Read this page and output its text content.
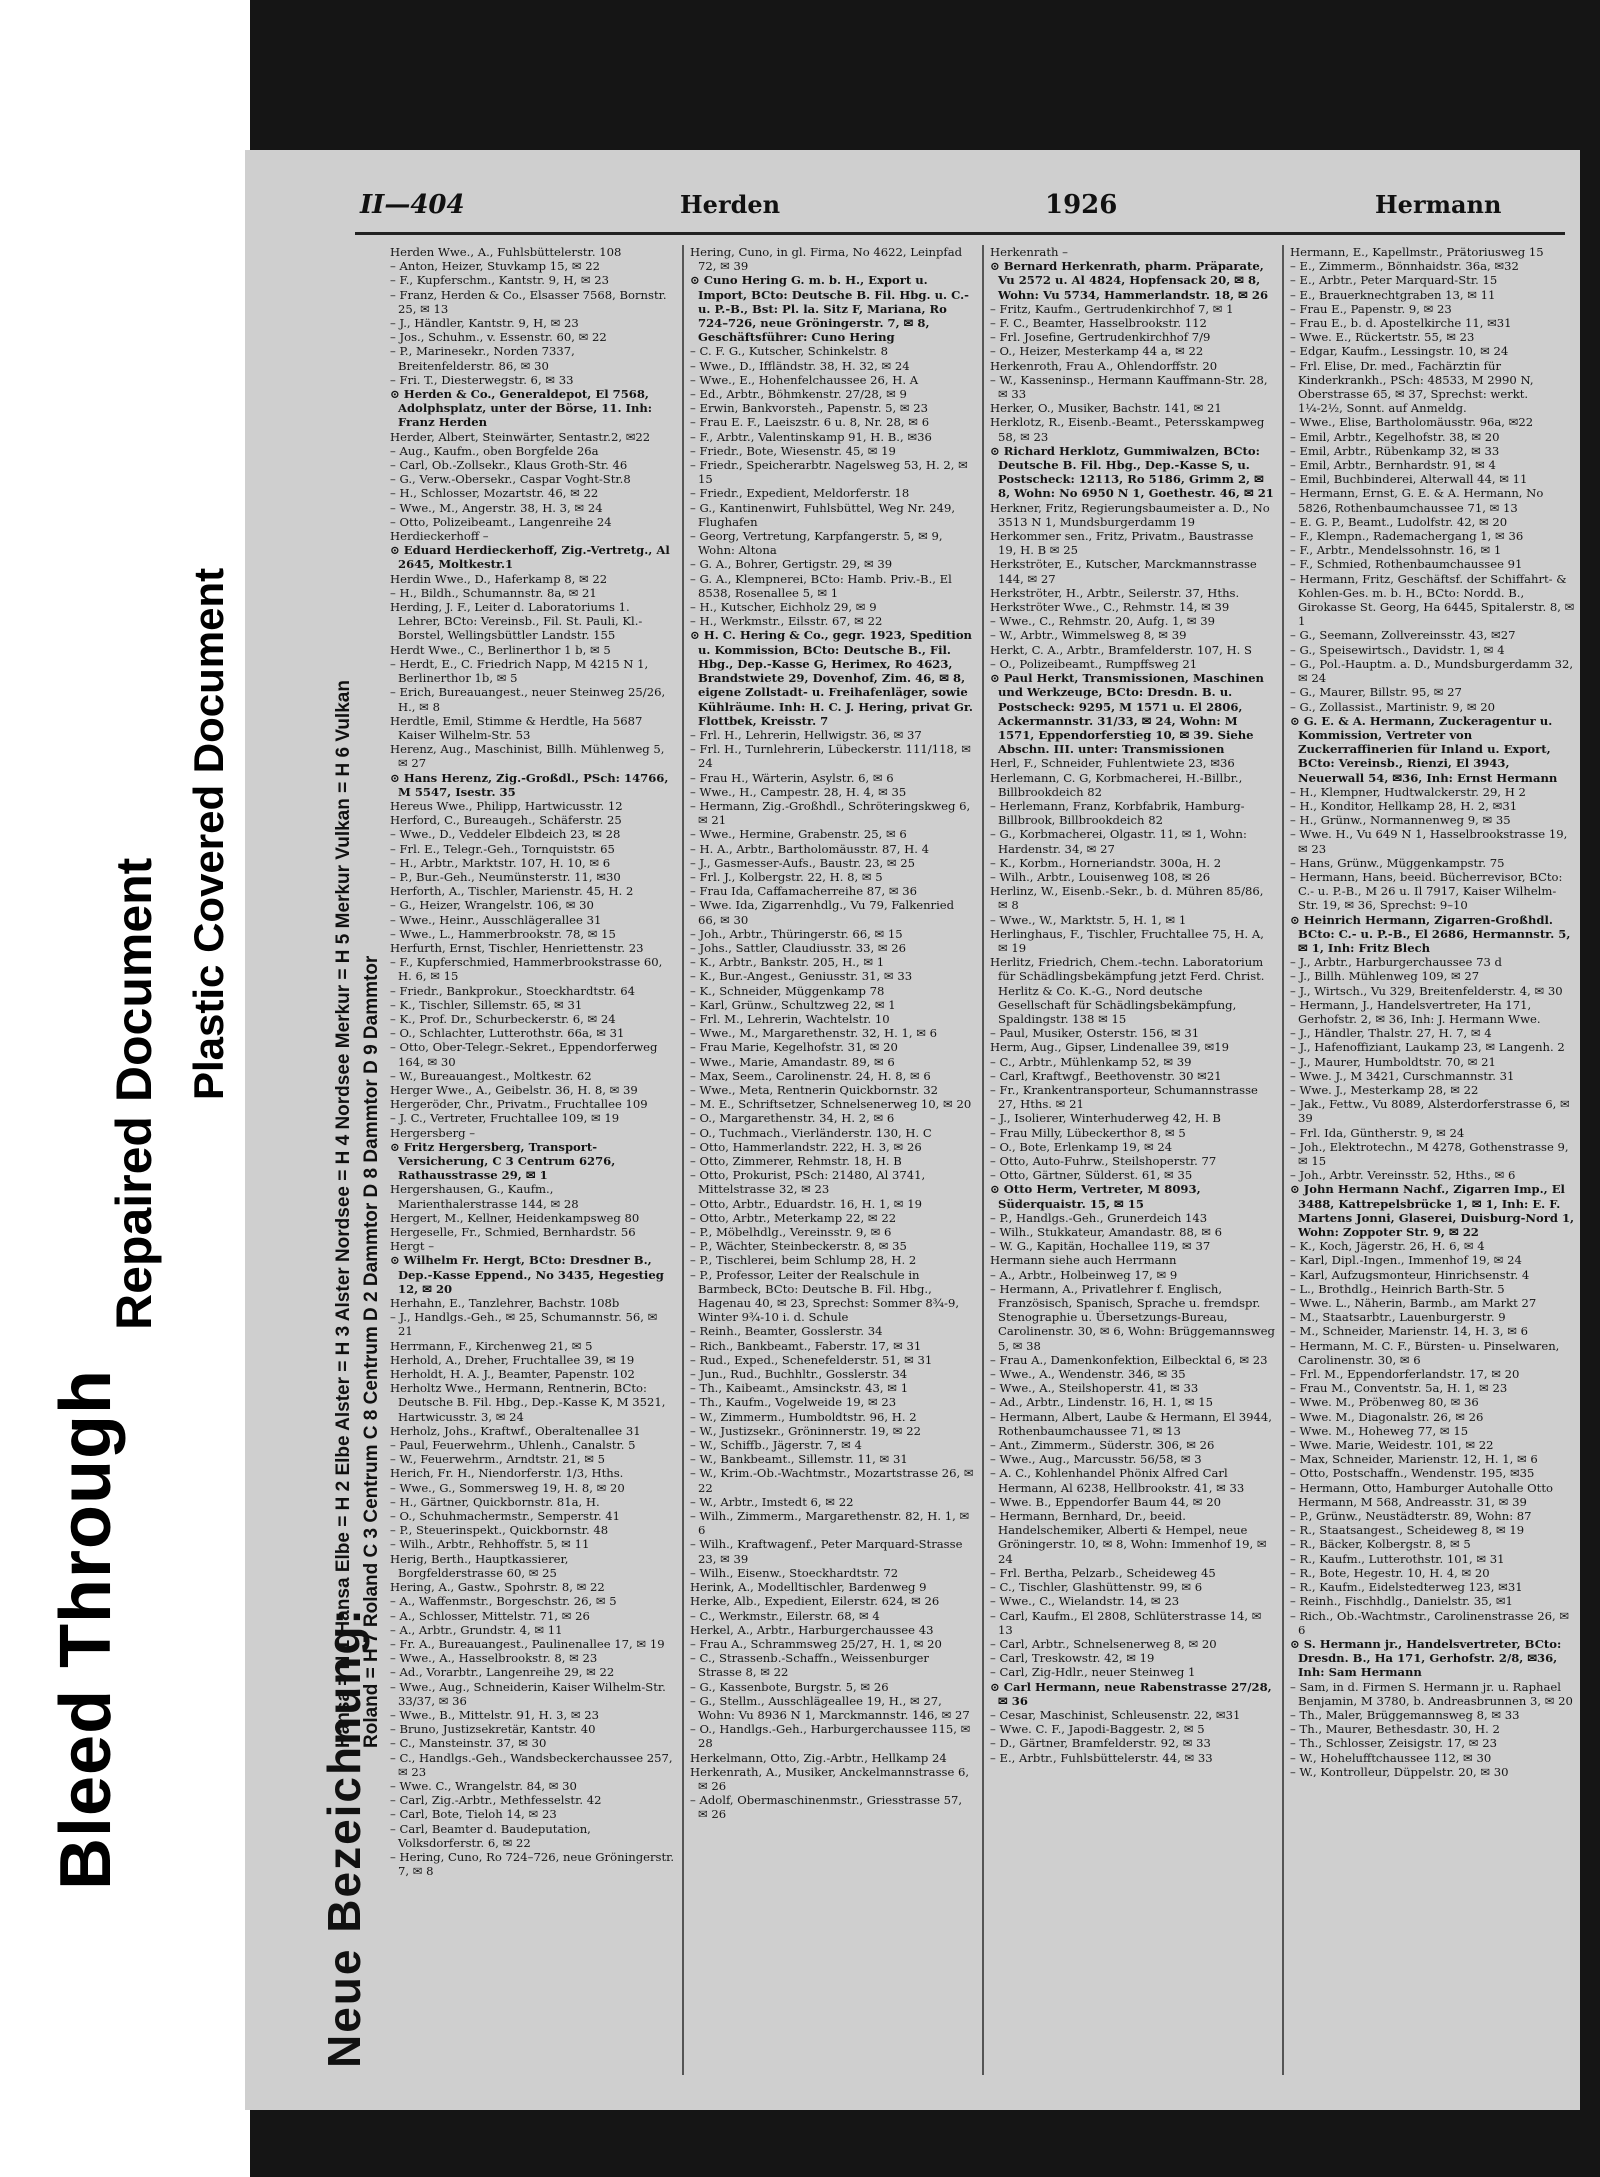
Bleed Through
Repaired Document Plastic Covered Document
II—404	Herden	1926	Hermann

Herden Wwe., A., Fuhlsbüttelerstr. 108

– Anton, Heizer, Stuvkamp 15, ✉ 22

– F., Kupferschm., Kantstr. 9, H, ✉ 23

– Franz, Herden & Co., Elsasser 7568, Bornstr. 25, ✉ 13

– J., Händler, Kantstr. 9, H, ✉ 23

– Jos., Schuhm., v. Essenstr. 60, ✉ 22

– P., Marinesekr., Norden 7337, Breitenfelderstr. 86, ✉ 30

– Fri. T., Diesterwegstr. 6, ✉ 33

⊙ Herden & Co., Generaldepot, El 7568, Adolphsplatz, unter der Börse, 11. Inh: Franz Herden

Herder, Albert, Steinwärter, Sentastr.2, ✉22

– Aug., Kaufm., oben Borgfelde 26a

– Carl, Ob.-Zollsekr., Klaus Groth-Str. 46

– G., Verw.-Obersekr., Caspar Voght-Str.8

– H., Schlosser, Mozartstr. 46, ✉ 22

– Wwe., M., Angerstr. 38, H. 3, ✉ 24

– Otto, Polizeibeamt., Langenreihe 24

Herdieckerhoff –

⊙ Eduard Herdieckerhoff, Zig.-Vertretg., Al 2645, Moltkestr.1

Herdin Wwe., D., Haferkamp 8, ✉ 22

– H., Bildh., Schumannstr. 8a, ✉ 21

Herding, J. F., Leiter d. Laboratoriums 1. Lehrer, BCto: Vereinsb., Fil. St. Pauli, Kl.-Borstel, Wellingsbüttler Landstr. 155

Herdt Wwe., C., Berlinerthor 1 b, ✉ 5

– Herdt, E., C. Friedrich Napp, M 4215 N 1, Berlinerthor 1b, ✉ 5

– Erich, Bureauangest., neuer Steinweg 25/26, H., ✉ 8

Herdtle, Emil, Stimme & Herdtle, Ha 5687 Kaiser Wilhelm-Str. 53

Herenz, Aug., Maschinist, Billh. Mühlenweg 5, ✉ 27

⊙ Hans Herenz, Zig.-Großdl., PSch: 14766, M 5547, Isestr. 35

Hereus Wwe., Philipp, Hartwicusstr. 12

Herford, C., Bureaugeh., Schäferstr. 25

– Wwe., D., Veddeler Elbdeich 23, ✉ 28

– Frl. E., Telegr.-Geh., Tornquiststr. 65

– H., Arbtr., Marktstr. 107, H. 10, ✉ 6

– P., Bur.-Geh., Neumünsterstr. 11, ✉30

Herforth, A., Tischler, Marienstr. 45, H. 2

– G., Heizer, Wrangelstr. 106, ✉ 30

– Wwe., Heinr., Ausschlägerallee 31

– Wwe., L., Hammerbrookstr. 78, ✉ 15

Herfurth, Ernst, Tischler, Henriettenstr. 23

– F., Kupferschmied, Hammerbrookstrasse 60, H. 6, ✉ 15

– Friedr., Bankprokur., Stoeckhardtstr. 64

– K., Tischler, Sillemstr. 65, ✉ 31

– K., Prof. Dr., Schurbeckerstr. 6, ✉ 24

– O., Schlachter, Lutterothstr. 66a, ✉ 31

– Otto, Ober-Telegr.-Sekret., Eppendorferweg 164, ✉ 30

– W., Bureauangest., Moltkestr. 62

Herger Wwe., A., Geibelstr. 36, H. 8, ✉ 39

Hergeröder, Chr., Privatm., Fruchtallee 109

– J. C., Vertreter, Fruchtallee 109, ✉ 19

Hergersberg –

⊙ Fritz Hergersberg, Transport-Versicherung, C 3 Centrum 6276, Rathausstrasse 29, ✉ 1

Hergershausen, G., Kaufm., Marienthalerstrasse 144, ✉ 28

Hergert, M., Kellner, Heidenkampsweg 80

Hergeselle, Fr., Schmied, Bernhardstr. 56

Hergt –

⊙ Wilhelm Fr. Hergt, BCto: Dresdner B., Dep.-Kasse Eppend., No 3435, Hegestieg 12, ✉ 20

Herhahn, E., Tanzlehrer, Bachstr. 108b

– J., Handlgs.-Geh., ✉ 25, Schumannstr. 56, ✉ 21

Herrmann, F., Kirchenweg 21, ✉ 5

Herhold, A., Dreher, Fruchtallee 39, ✉ 19

Herholdt, H. A. J., Beamter, Papenstr. 102

Herholtz Wwe., Hermann, Rentnerin, BCto: Deutsche B. Fil. Hbg., Dep.-Kasse K, M 3521, Hartwicusstr. 3, ✉ 24

Herholz, Johs., Kraftwf., Oberaltenallee 31

– Paul, Feuerwehrm., Uhlenh., Canalstr. 5

– W., Feuerwehrm., Arndtstr. 21, ✉ 5

Herich, Fr. H., Niendorferstr. 1/3, Hths.

– Wwe., G., Sommersweg 19, H. 8, ✉ 20

– H., Gärtner, Quickbornstr. 81a, H.

– O., Schuhmachermstr., Semperstr. 41

– P., Steuerinspekt., Quickbornstr. 48

– Wilh., Arbtr., Rehhoffstr. 5, ✉ 11

Herig, Berth., Hauptkassierer, Borgfelderstrasse 60, ✉ 25

Hering, A., Gastw., Spohrstr. 8, ✉ 22

– A., Waffenmstr., Borgeschstr. 26, ✉ 5

– A., Schlosser, Mittelstr. 71, ✉ 26

– A., Arbtr., Grundstr. 4, ✉ 11

– Fr. A., Bureauangest., Paulinenallee 17, ✉ 19

– Wwe., A., Hasselbrookstr. 8, ✉ 23

– Ad., Vorarbtr., Langenreihe 29, ✉ 22

– Wwe., Aug., Schneiderin, Kaiser Wilhelm-Str. 33/37, ✉ 36

– Wwe., B., Mittelstr. 91, H. 3, ✉ 23

– Bruno, Justizsekretär, Kantstr. 40

– C., Mansteinstr. 37, ✉ 30

– C., Handlgs.-Geh., Wandsbeckerchaussee 257, ✉ 23

– Wwe. C., Wrangelstr. 84, ✉ 30

– Carl, Zig.-Arbtr., Methfesselstr. 42

– Carl, Bote, Tieloh 14, ✉ 23

– Carl, Beamter d. Baudeputation, Volksdorferstr. 6, ✉ 22

– Hering, Cuno, Ro 724–726, neue Gröningerstr. 7, ✉ 8

Hering, Cuno, in gl. Firma, No 4622, Leinpfad 72, ✉ 39

⊙ Cuno Hering G. m. b. H., Export u. Import, BCto: Deutsche B. Fil. Hbg. u. C.- u. P.-B., Bst: Pl. la. Sitz F, Mariana, Ro 724–726, neue Gröningerstr. 7, ✉ 8, Geschäftsführer: Cuno Hering

– C. F. G., Kutscher, Schinkelstr. 8

– Wwe., D., Iffländstr. 38, H. 32, ✉ 24

– Wwe., E., Hohenfelchaussee 26, H. A

– Ed., Arbtr., Böhmkenstr. 27/28, ✉ 9

– Erwin, Bankvorsteh., Papenstr. 5, ✉ 23

– Frau E. F., Laeiszstr. 6 u. 8, Nr. 28, ✉ 6

– F., Arbtr., Valentinskamp 91, H. B., ✉36

– Friedr., Bote, Wiesenstr. 45, ✉ 19

– Friedr., Speicherarbtr. Nagelsweg 53, H. 2, ✉ 15

– Friedr., Expedient, Meldorferstr. 18

– G., Kantinenwirt, Fuhlsbüttel, Weg Nr. 249, Flughafen

– Georg, Vertretung, Karpfangerstr. 5, ✉ 9, Wohn: Altona

– G. A., Bohrer, Gertigstr. 29, ✉ 39

– G. A., Klempnerei, BCto: Hamb. Priv.-B., El 8538, Rosenallee 5, ✉ 1

– H., Kutscher, Eichholz 29, ✉ 9

– H., Werkmstr., Eilsstr. 67, ✉ 22

⊙ H. C. Hering & Co., gegr. 1923, Spedition u. Kommission, BCto: Deutsche B., Fil. Hbg., Dep.-Kasse G, Herimex, Ro 4623, Brandstwiete 29, Dovenhof, Zim. 46, ✉ 8, eigene Zollstadt- u. Freihafenläger, sowie Kühlräume. Inh: H. C. J. Hering, privat Gr. Flottbek, Kreisstr. 7

– Frl. H., Lehrerin, Hellwigstr. 36, ✉ 37

– Frl. H., Turnlehrerin, Lübeckerstr. 111/118, ✉ 24

– Frau H., Wärterin, Asylstr. 6, ✉ 6

– Wwe., H., Campestr. 28, H. 4, ✉ 35

– Hermann, Zig.-Großhdl., Schröteringskweg 6, ✉ 21

– Wwe., Hermine, Grabenstr. 25, ✉ 6

– H. A., Arbtr., Bartholomäusstr. 87, H. 4

– J., Gasmesser-Aufs., Baustr. 23, ✉ 25

– Frl. J., Kolbergstr. 22, H. 8, ✉ 5

– Frau Ida, Caffamacherreihe 87, ✉ 36

– Wwe. Ida, Zigarrenhdlg., Vu 79, Falkenried 66, ✉ 30

– Joh., Arbtr., Thüringerstr. 66, ✉ 15

– Johs., Sattler, Claudiusstr. 33, ✉ 26

– K., Arbtr., Bankstr. 205, H., ✉ 1

– K., Bur.-Angest., Geniusstr. 31, ✉ 33

– K., Schneider, Müggenkamp 78

– Karl, Grünw., Schultzweg 22, ✉ 1

– Frl. M., Lehrerin, Wachtelstr. 10

– Wwe., M., Margarethenstr. 32, H. 1, ✉ 6

– Frau Marie, Kegelhofstr. 31, ✉ 20

– Wwe., Marie, Amandastr. 89, ✉ 6

– Max, Seem., Carolinenstr. 24, H. 8, ✉ 6

– Wwe., Meta, Rentnerin Quickbornstr. 32

– M. E., Schriftsetzer, Schnelsenerweg 10, ✉ 20

– O., Margarethenstr. 34, H. 2, ✉ 6

– O., Tuchmach., Vierländerstr. 130, H. C

– Otto, Hammerlandstr. 222, H. 3, ✉ 26

– Otto, Zimmerer, Rehmstr. 18, H. B

– Otto, Prokurist, PSch: 21480, Al 3741, Mittelstrasse 32, ✉ 23

– Otto, Arbtr., Eduardstr. 16, H. 1, ✉ 19

– Otto, Arbtr., Meterkamp 22, ✉ 22

– P., Möbelhdlg., Vereinsstr. 9, ✉ 6

– P., Wächter, Steinbeckerstr. 8, ✉ 35

– P., Tischlerei, beim Schlump 28, H. 2

– P., Professor, Leiter der Realschule in Barmbeck, BCto: Deutsche B. Fil. Hbg., Hagenau 40, ✉ 23, Sprechst: Sommer 8¾-9, Winter 9¾-10 i. d. Schule

– Reinh., Beamter, Gosslerstr. 34

– Rich., Bankbeamt., Faberstr. 17, ✉ 31

– Rud., Exped., Schenefelderstr. 51, ✉ 31

– Jun., Rud., Buchhltr., Gosslerstr. 34

– Th., Kaibeamt., Amsinckstr. 43, ✉ 1

– Th., Kaufm., Vogelweide 19, ✉ 23

– W., Zimmerm., Humboldtstr. 96, H. 2

– W., Justizsekr., Gröninnerstr. 19, ✉ 22

– W., Schiffb., Jägerstr. 7, ✉ 4

– W., Bankbeamt., Sillemstr. 11, ✉ 31

– W., Krim.-Ob.-Wachtmstr., Mozartstrasse 26, ✉ 22

– W., Arbtr., Imstedt 6, ✉ 22

– Wilh., Zimmerm., Margarethenstr. 82, H. 1, ✉ 6

– Wilh., Kraftwagenf., Peter Marquard-Strasse 23, ✉ 39

– Wilh., Eisenw., Stoeckhardtstr. 72

Herink, A., Modelltischler, Bardenweg 9

Herke, Alb., Expedient, Eilerstr. 624, ✉ 26

– C., Werkmstr., Eilerstr. 68, ✉ 4

Herkel, A., Arbtr., Harburgerchaussee 43

– Frau A., Schrammsweg 25/27, H. 1, ✉ 20

– C., Strassenb.-Schaffn., Weissenburger Strasse 8, ✉ 22

– G., Kassenbote, Burgstr. 5, ✉ 26

– G., Stellm., Ausschlägeallee 19, H., ✉ 27, Wohn: Vu 8936 N 1, Marckmannstr. 146, ✉ 27

– O., Handlgs.-Geh., Harburgerchaussee 115, ✉ 28

Herkelmann, Otto, Zig.-Arbtr., Hellkamp 24

Herkenrath, A., Musiker, Anckelmannstrasse 6, ✉ 26

– Adolf, Obermaschinenmstr., Griesstrasse 57, ✉ 26

Herkenrath –

⊙ Bernard Herkenrath, pharm. Präparate, Vu 2572 u. Al 4824, Hopfensack 20, ✉ 8, Wohn: Vu 5734, Hammerlandstr. 18, ✉ 26

– Fritz, Kaufm., Gertrudenkirchhof 7, ✉ 1

– F. C., Beamter, Hasselbrookstr. 112

– Frl. Josefine, Gertrudenkirchhof 7/9

– O., Heizer, Mesterkamp 44 a, ✉ 22

Herkenroth, Frau A., Ohlendorffstr. 20

– W., Kasseninsp., Hermann Kauffmann-Str. 28, ✉ 33

Herker, O., Musiker, Bachstr. 141, ✉ 21

Herklotz, R., Eisenb.-Beamt., Petersskampweg 58, ✉ 23

⊙ Richard Herklotz, Gummiwalzen, BCto: Deutsche B. Fil. Hbg., Dep.-Kasse S, u. Postscheck: 12113, Ro 5186, Grimm 2, ✉ 8, Wohn: No 6950 N 1, Goethestr. 46, ✉ 21

Herkner, Fritz, Regierungsbaumeister a. D., No 3513 N 1, Mundsburgerdamm 19

Herkommer sen., Fritz, Privatm., Baustrasse 19, H. B ✉ 25

Herkströter, E., Kutscher, Marckmannstrasse 144, ✉ 27

Herkströter, H., Arbtr., Seilerstr. 37, Hths.

Herkströter Wwe., C., Rehmstr. 14, ✉ 39

– Wwe., C., Rehmstr. 20, Aufg. 1, ✉ 39

– W., Arbtr., Wimmelsweg 8, ✉ 39

Herkt, C. A., Arbtr., Bramfelderstr. 107, H. S

– O., Polizeibeamt., Rumpffsweg 21

⊙ Paul Herkt, Transmissionen, Maschinen und Werkzeuge, BCto: Dresdn. B. u. Postscheck: 9295, M 1571 u. El 2806, Ackermannstr. 31/33, ✉ 24, Wohn: M 1571, Eppendorferstieg 10, ✉ 39. Siehe Abschn. III. unter: Transmissionen

Herl, F., Schneider, Fuhlentwiete 23, ✉36

Herlemann, C. G, Korbmacherei, H.-Billbr., Billbrookdeich 82

– Herlemann, Franz, Korbfabrik, Hamburg-Billbrook, Billbrookdeich 82

– G., Korbmacherei, Olgastr. 11, ✉ 1, Wohn: Hardenstr. 34, ✉ 27

– K., Korbm., Horneriandstr. 300a, H. 2

– Wilh., Arbtr., Louisenweg 108, ✉ 26

Herlinz, W., Eisenb.-Sekr., b. d. Mühren 85/86, ✉ 8

– Wwe., W., Marktstr. 5, H. 1, ✉ 1

Herlinghaus, F., Tischler, Fruchtallee 75, H. A, ✉ 19

Herlitz, Friedrich, Chem.-techn. Laboratorium für Schädlingsbekämpfung jetzt Ferd. Christ. Herlitz & Co. K.-G., Nord deutsche Gesellschaft für Schädlingsbekämpfung, Spaldingstr. 138 ✉ 15

– Paul, Musiker, Osterstr. 156, ✉ 31

Herm, Aug., Gipser, Lindenallee 39, ✉19

– C., Arbtr., Mühlenkamp 52, ✉ 39

– Carl, Kraftwgf., Beethovenstr. 30 ✉21

– Fr., Krankentransporteur, Schumannstrasse 27, Hths. ✉ 21

– J., Isolierer, Winterhuderweg 42, H. B

– Frau Milly, Lübeckerthor 8, ✉ 5

– O., Bote, Erlenkamp 19, ✉ 24

– Otto, Auto-Fuhrw., Steilshoperstr. 77

– Otto, Gärtner, Sülderst. 61, ✉ 35

⊙ Otto Herm, Vertreter, M 8093, Süderquaistr. 15, ✉ 15

– P., Handlgs.-Geh., Grunerdeich 143

– Wilh., Stukkateur, Amandastr. 88, ✉ 6

– W. G., Kapitän, Hochallee 119, ✉ 37

Hermann siehe auch Herrmann

– A., Arbtr., Holbeinweg 17, ✉ 9

– Hermann, A., Privatlehrer f. Englisch, Französisch, Spanisch, Sprache u. fremdspr. Stenographie u. Übersetzungs-Bureau, Carolinenstr. 30, ✉ 6, Wohn: Brüggemannsweg 5, ✉ 38

– Frau A., Damenkonfektion, Eilbecktal 6, ✉ 23

– Wwe., A., Wendenstr. 346, ✉ 35

– Wwe., A., Steilshoperstr. 41, ✉ 33

– Ad., Arbtr., Lindenstr. 16, H. 1, ✉ 15

– Hermann, Albert, Laube & Hermann, El 3944, Rothenbaumchaussee 71, ✉ 13

– Ant., Zimmerm., Süderstr. 306, ✉ 26

– Wwe., Aug., Marcusstr. 56/58, ✉ 3

– A. C., Kohlenhandel Phönix Alfred Carl Hermann, Al 6238, Hellbrookstr. 41, ✉ 33

– Wwe. B., Eppendorfer Baum 44, ✉ 20

– Hermann, Bernhard, Dr., beeid. Handelschemiker, Alberti & Hempel, neue Gröningerstr. 10, ✉ 8, Wohn: Immenhof 19, ✉ 24

– Frl. Bertha, Pelzarb., Scheideweg 45

– C., Tischler, Glashüttenstr. 99, ✉ 6

– Wwe., C., Wielandstr. 14, ✉ 23

– Carl, Kaufm., El 2808, Schlüterstrasse 14, ✉ 13

– Carl, Arbtr., Schnelsenerweg 8, ✉ 20

– Carl, Treskowstr. 42, ✉ 19

– Carl, Zig-Hdlr., neuer Steinweg 1

⊙ Carl Hermann, neue Rabenstrasse 27/28, ✉ 36

– Cesar, Maschinist, Schleusenstr. 22, ✉31

– Wwe. C. F., Japodi-Baggestr. 2, ✉ 5

– D., Gärtner, Bramfelderstr. 92, ✉ 33

– E., Arbtr., Fuhlsbüttelerstr. 44, ✉ 33

Hermann, E., Kapellmstr., Prätoriusweg 15

– E., Zimmerm., Bönnhaidstr. 36a, ✉32

– E., Arbtr., Peter Marquard-Str. 15

– E., Brauerknechtgraben 13, ✉ 11

– Frau E., Papenstr. 9, ✉ 23

– Frau E., b. d. Apostelkirche 11, ✉31

– Wwe. E., Rückertstr. 55, ✉ 23

– Edgar, Kaufm., Lessingstr. 10, ✉ 24

– Frl. Elise, Dr. med., Fachärztin für Kinderkrankh., PSch: 48533, M 2990 N, Oberstrasse 65, ✉ 37, Sprechst: werkt. 1¼-2½, Sonnt. auf Anmeldg.

– Wwe., Elise, Bartholomäusstr. 96a, ✉22

– Emil, Arbtr., Kegelhofstr. 38, ✉ 20

– Emil, Arbtr., Rübenkamp 32, ✉ 33

– Emil, Arbtr., Bernhardstr. 91, ✉ 4

– Emil, Buchbinderei, Alterwall 44, ✉ 11

– Hermann, Ernst, G. E. & A. Hermann, No 5826, Rothenbaumchaussee 71, ✉ 13

– E. G. P., Beamt., Ludolfstr. 42, ✉ 20

– F., Klempn., Rademachergang 1, ✉ 36

– F., Arbtr., Mendelssohnstr. 16, ✉ 1

– F., Schmied, Rothenbaumchaussee 91

– Hermann, Fritz, Geschäftsf. der Schiffahrt- & Kohlen-Ges. m. b. H., BCto: Nordd. B., Girokasse St. Georg, Ha 6445, Spitalerstr. 8, ✉ 1

– G., Seemann, Zollvereinsstr. 43, ✉27

– G., Speisewirtsch., Davidstr. 1, ✉ 4

– G., Pol.-Hauptm. a. D., Mundsburgerdamm 32, ✉ 24

– G., Maurer, Billstr. 95, ✉ 27

– G., Zollassist., Martinistr. 9, ✉ 20

⊙ G. E. & A. Hermann, Zuckeragentur u. Kommission, Vertreter von Zuckerraffinerien für Inland u. Export, BCto: Vereinsb., Rienzi, El 3943, Neuerwall 54, ✉36, Inh: Ernst Hermann

– H., Klempner, Hudtwalckerstr. 29, H 2

– H., Konditor, Hellkamp 28, H. 2, ✉31

– H., Grünw., Normannenweg 9, ✉ 35

– Wwe. H., Vu 649 N 1, Hasselbrookstrasse 19, ✉ 23

– Hans, Grünw., Müggenkampstr. 75

– Hermann, Hans, beeid. Bücherrevisor, BCto: C.- u. P.-B., M 26 u. Il 7917, Kaiser Wilhelm-Str. 19, ✉ 36, Sprechst: 9–10

⊙ Heinrich Hermann, Zigarren-Großhdl. BCto: C.- u. P.-B., El 2686, Hermannstr. 5, ✉ 1, Inh: Fritz Blech

– J., Arbtr., Harburgerchaussee 73 d

– J., Billh. Mühlenweg 109, ✉ 27

– J., Wirtsch., Vu 329, Breitenfelderstr. 4, ✉ 30

– Hermann, J., Handelsvertreter, Ha 171, Gerhofstr. 2, ✉ 36, Inh: J. Hermann Wwe.

– J., Händler, Thalstr. 27, H. 7, ✉ 4

– J., Hafenoffiziant, Laukamp 23, ✉ Langenh. 2

– J., Maurer, Humboldtstr. 70, ✉ 21

– Wwe. J., M 3421, Curschmannstr. 31

– Wwe. J., Mesterkamp 28, ✉ 22

– Jak., Fettw., Vu 8089, Alsterdorferstrasse 6, ✉ 39

– Frl. Ida, Güntherstr. 9, ✉ 24

– Joh., Elektrotechn., M 4278, Gothenstrasse 9, ✉ 15

– Joh., Arbtr. Vereinsstr. 52, Hths., ✉ 6

⊙ John Hermann Nachf., Zigarren Imp., El 3488, Kattrepelsbrücke 1, ✉ 1, Inh: E. F. Martens Jonni, Glaserei, Duisburg-Nord 1, Wohn: Zoppoter Str. 9, ✉ 22

– K., Koch, Jägerstr. 26, H. 6, ✉ 4

– Karl, Dipl.-Ingen., Immenhof 19, ✉ 24

– Karl, Aufzugsmonteur, Hinrichsenstr. 4

– L., Brothdlg., Heinrich Barth-Str. 5

– Wwe. L., Näherin, Barmb., am Markt 27

– M., Staatsarbtr., Lauenburgerstr. 9

– M., Schneider, Marienstr. 14, H. 3, ✉ 6

– Hermann, M. C. F., Bürsten- u. Pinselwaren, Carolinenstr. 30, ✉ 6

– Frl. M., Eppendorferlandstr. 17, ✉ 20

– Frau M., Conventstr. 5a, H. 1, ✉ 23

– Wwe. M., Pröbenweg 80, ✉ 36

– Wwe. M., Diagonalstr. 26, ✉ 26

– Wwe. M., Hoheweg 77, ✉ 15

– Wwe. Marie, Weidestr. 101, ✉ 22

– Max, Schneider, Marienstr. 12, H. 1, ✉ 6

– Otto, Postschaffn., Wendenstr. 195, ✉35

– Hermann, Otto, Hamburger Autohalle Otto Hermann, M 568, Andreasstr. 31, ✉ 39

– P., Grünw., Neustädterstr. 89, Wohn: 87

– R., Staatsangest., Scheideweg 8, ✉ 19

– R., Bäcker, Kolbergstr. 8, ✉ 5

– R., Kaufm., Lutterothstr. 101, ✉ 31

– R., Bote, Hegestr. 10, H. 4, ✉ 20

– R., Kaufm., Eidelstedterweg 123, ✉31

– Reinh., Fischhdlg., Danielstr. 35, ✉1

– Rich., Ob.-Wachtmstr., Carolinenstrasse 26, ✉ 6

⊙ S. Hermann jr., Handelsvertreter, BCto: Dresdn. B., Ha 171, Gerhofstr. 2/8, ✉36, Inh: Sam Hermann

– Sam, in d. Firmen S. Hermann jr. u. Raphael Benjamin, M 3780, b. Andreasbrunnen 3, ✉ 20

– Th., Maler, Brüggemannsweg 8, ✉ 33

– Th., Maurer, Bethesdastr. 30, H. 2

– Th., Schlosser, Zeisigstr. 17, ✉ 23

– W., Hohelufftchaussee 112, ✉ 30

– W., Kontrolleur, Düppelstr. 20, ✉ 30

Neue Bezeichnung:
Hansa = H 1 Hansa Elbe = H 2 Elbe Alster = H 3 Alster Nordsee = H 4 Nordsee Merkur = H 5 Merkur Vulkan = H 6 Vulkan Roland = H 7 Roland C 3 Centrum C 8 Centrum D 2 Dammtor D 8 Dammtor D 9 Dammtor
